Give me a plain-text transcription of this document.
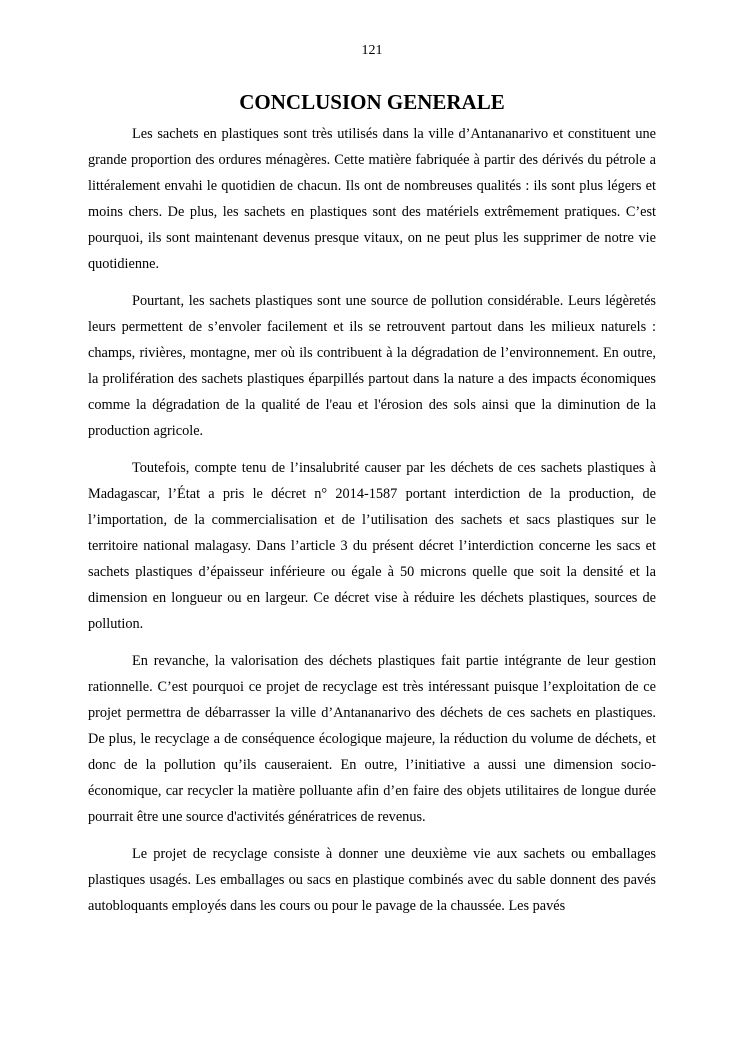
121
CONCLUSION GENERALE

Les sachets en plastiques sont très utilisés dans la ville d’Antananarivo et constituent une grande proportion des ordures ménagères. Cette matière fabriquée à partir des dérivés du pétrole a littéralement envahi le quotidien de chacun. Ils ont de nombreuses qualités : ils sont plus légers et moins chers. De plus, les sachets en plastiques sont des matériels extrêmement pratiques. C’est pourquoi, ils sont maintenant devenus presque vitaux, on ne peut plus les supprimer de notre vie quotidienne.

Pourtant, les sachets plastiques sont une source de pollution considérable. Leurs légèretés leurs permettent de s’envoler facilement et ils se retrouvent partout dans les milieux naturels : champs, rivières, montagne, mer où ils contribuent à la dégradation de l’environnement. En outre, la prolifération des sachets plastiques éparpillés partout dans la nature a des impacts économiques comme la dégradation de la qualité de l'eau et l'érosion des sols ainsi que la diminution de la production agricole.

Toutefois, compte tenu de l’insalubrité causer par les déchets de ces sachets plastiques à Madagascar, l’État a pris le décret n° 2014-1587 portant interdiction de la production, de l’importation, de la commercialisation et de l’utilisation des sachets et sacs plastiques sur le territoire national malagasy. Dans l’article 3 du présent décret l’interdiction concerne les sacs et sachets plastiques d’épaisseur inférieure ou égale à 50 microns quelle que soit la densité et la dimension en longueur ou en largeur. Ce décret vise à réduire les déchets plastiques, sources de pollution.

En revanche, la valorisation des déchets plastiques fait partie intégrante de leur gestion rationnelle. C’est pourquoi ce projet de recyclage est très intéressant puisque l’exploitation de ce projet permettra de débarrasser la ville d’Antananarivo des déchets de ces sachets en plastiques. De plus, le recyclage a de conséquence écologique majeure, la réduction du volume de déchets, et donc de la pollution qu’ils causeraient. En outre, l’initiative a aussi une dimension socio-économique, car recycler la matière polluante afin d’en faire des objets utilitaires de longue durée pourrait être une source d'activités génératrices de revenus.

Le projet de recyclage consiste à donner une deuxième vie aux sachets ou emballages plastiques usagés. Les emballages ou sacs en plastique combinés avec du sable donnent des pavés autobloquants employés dans les cours ou pour le pavage de la chaussée. Les pavés
